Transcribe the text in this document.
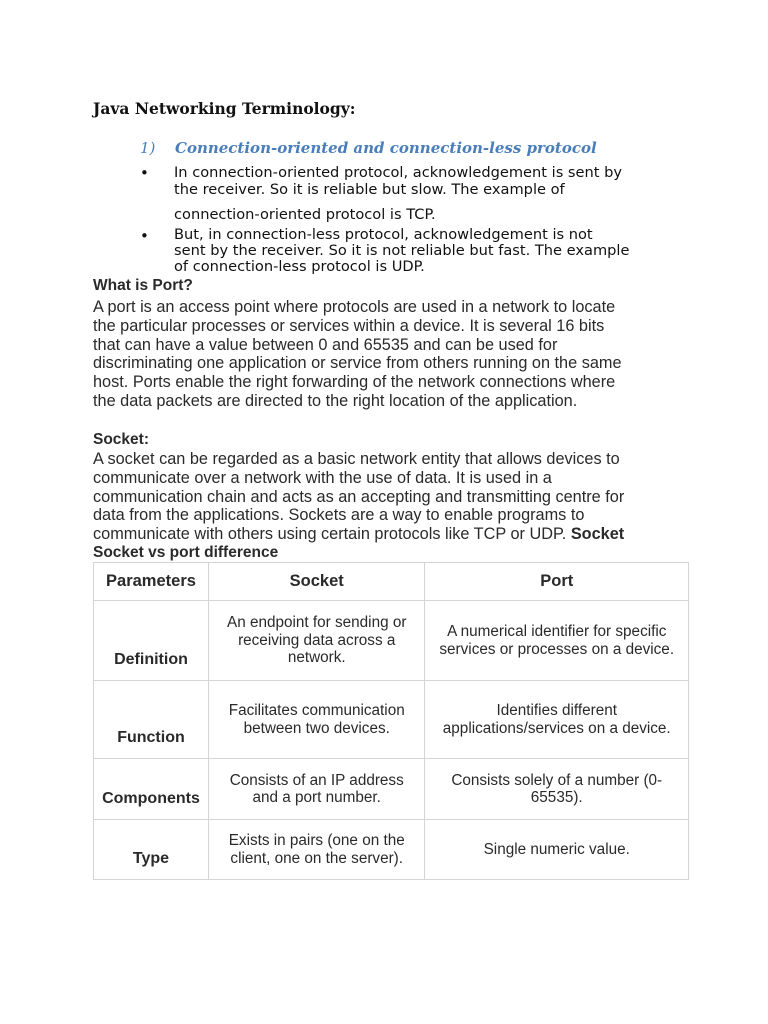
Java Networking Terminology:
1) Connection-oriented and connection-less protocol
• In connection-oriented protocol, acknowledgement is sent by
the receiver. So it is reliable but slow. The example of
connection-oriented protocol is TCP.
• But, in connection-less protocol, acknowledgement is not
sent by the receiver. So it is not reliable but fast. The example
of connection-less protocol is UDP.
What is Port?
A port is an access point where protocols are used in a network to locate
the particular processes or services within a device. It is several 16 bits
that can have a value between 0 and 65535 and can be used for
discriminating one application or service from others running on the same
host. Ports enable the right forwarding of the network connections where
the data packets are directed to the right location of the application.
Socket:
A socket can be regarded as a basic network entity that allows devices to
communicate over a network with the use of data. It is used in a
communication chain and acts as an accepting and transmitting centre for
data from the applications. Sockets are a way to enable programs to
communicate with others using certain protocols like TCP or UDP. Socket
Socket vs port difference
Parameters	Socket	Port
Definition	An endpoint for sending or receiving data across a network.	A numerical identifier for specific services or processes on a device.
Function	Facilitates communication between two devices.	Identifies different applications/services on a device.
Components	Consists of an IP address and a port number.	Consists solely of a number (0-65535).
Type	Exists in pairs (one on the client, one on the server).	Single numeric value.
